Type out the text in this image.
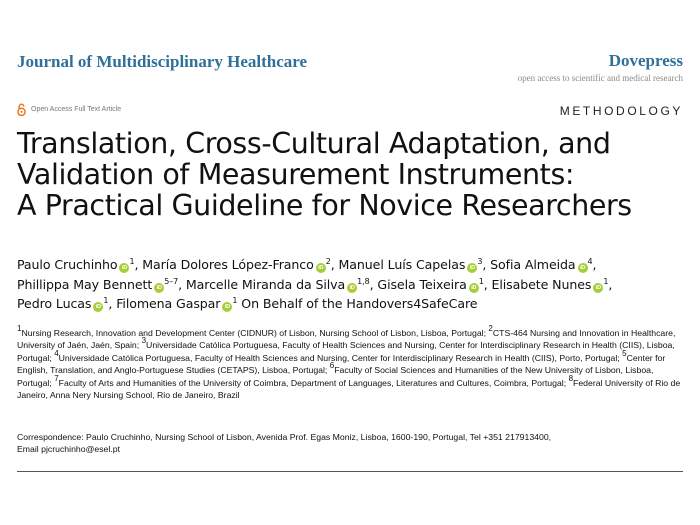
Journal of Multidisciplinary Healthcare	Dovepress
open access to scientific and medical research
Open Access Full Text Article	METHODOLOGY
Translation, Cross-Cultural Adaptation, and
Validation of Measurement Instruments:
A Practical Guideline for Novice Researchers
Paulo Cruchinho $iD^1$, María Dolores López-Franco $iD^2$, Manuel Luís Capelas $iD^3$, Sofia Almeida $iD^4$,
Phillippa May Bennett $iD^{5-7}$, Marcelle Miranda da Silva iD$^{1,8}$, Gisela Teixeira $iD^1$, Elisabete Nunes $iD^1$,
Pedro Lucas $iD^1$, Filomena Gaspar $iD^1$ On Behalf of the Handovers4SafeCare
$^1$Nursing Research, Innovation and Development Center (CIDNUR) of Lisbon, Nursing School of Lisbon, Lisboa, Portugal; $^2$CTS-464 Nursing and Innovation in Healthcare, University of Jaén, Jaén, Spain; $^3$Universidade Católica Portuguesa, Faculty of Health Sciences and Nursing, Center for Interdisciplinary Research in Health (CIIS), Lisboa, Portugal; $^4$Universidade Católica Portuguesa, Faculty of Health Sciences and Nursing, Center for Interdisciplinary Research in Health (CIIS), Porto, Portugal; $^5$Center for English, Translation, and Anglo-Portuguese Studies (CETAPS), Lisboa, Portugal; $^6$Faculty of Social Sciences and Humanities of the New University of Lisbon, Lisboa, Portugal; $^7$Faculty of Arts and Humanities of the University of Coimbra, Department of Languages, Literatures and Cultures, Coimbra, Portugal; $^8$Federal University of Rio de Janeiro, Anna Nery Nursing School, Rio de Janeiro, Brazil
Correspondence: Paulo Cruchinho, Nursing School of Lisbon, Avenida Prof. Egas Moniz, Lisboa, 1600-190, Portugal, Tel +351 217913400,
Email pjcruchinho@esel.pt
